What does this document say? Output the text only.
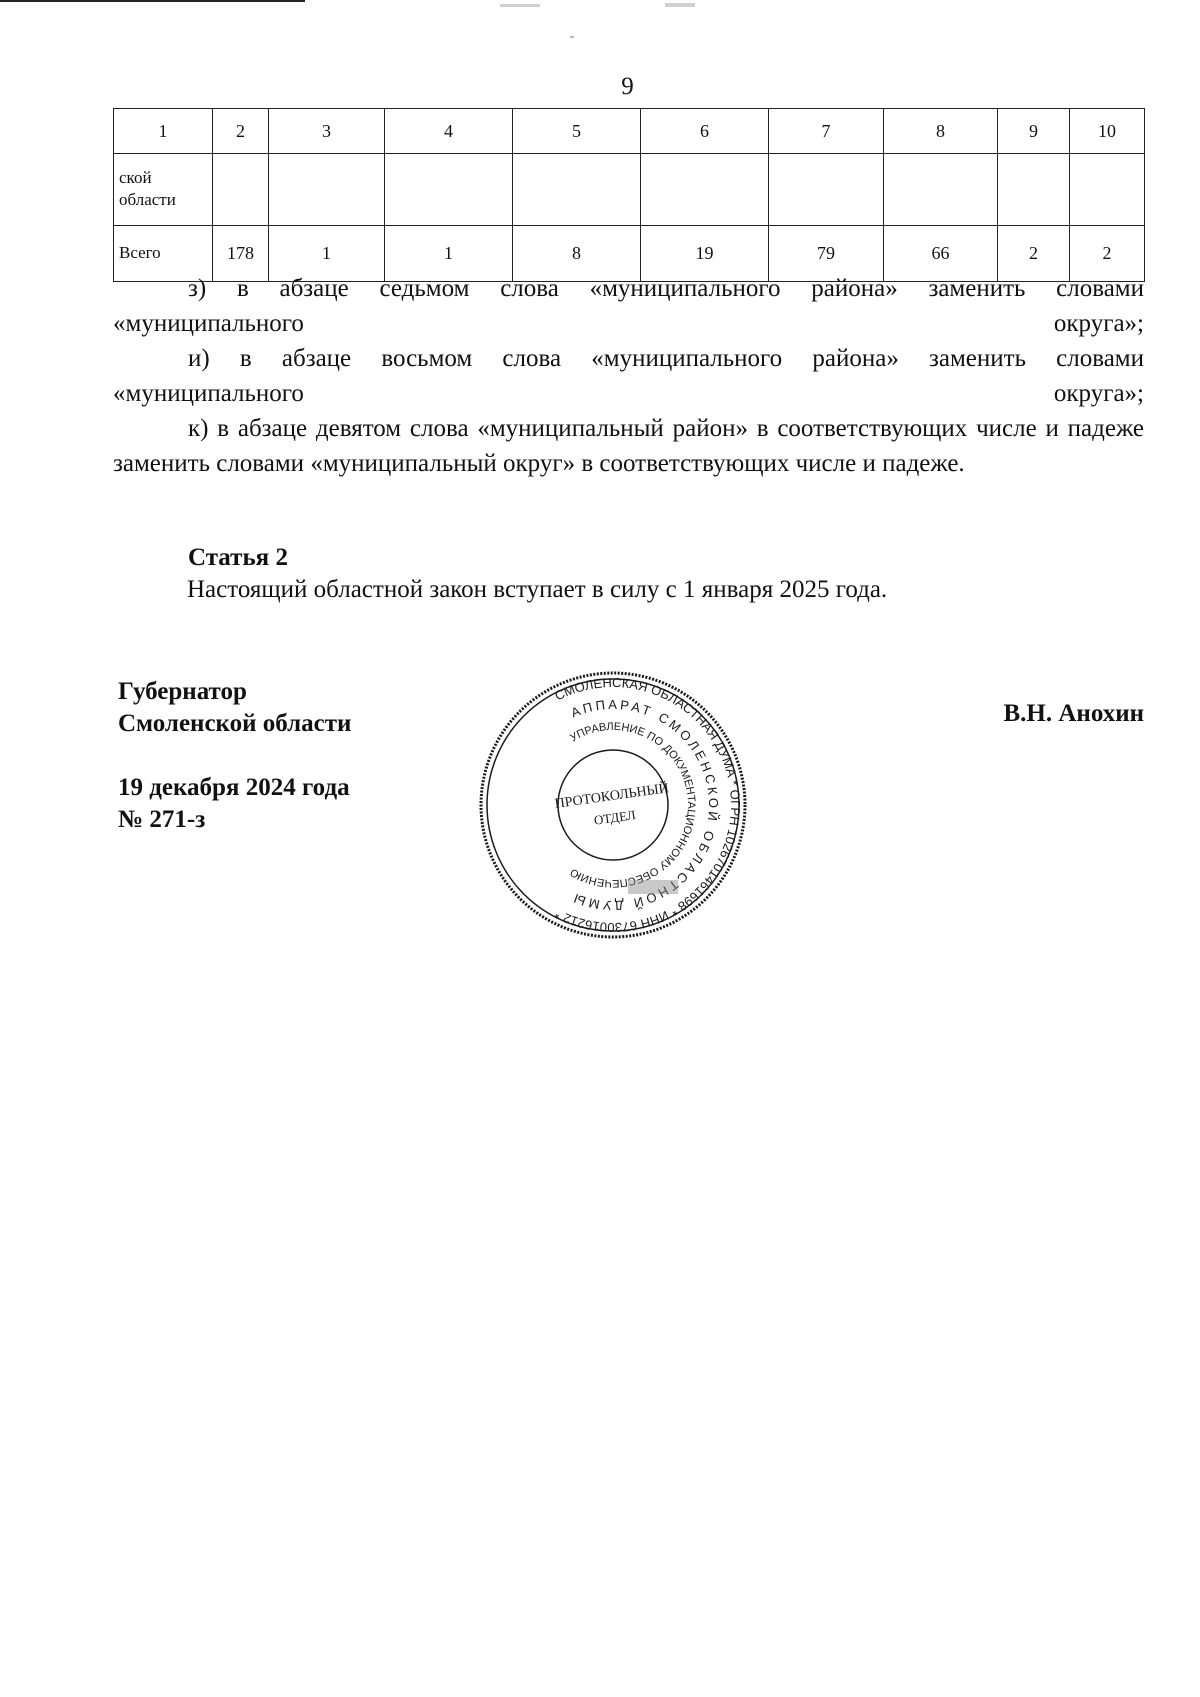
9
1	2	3	4	5	6	7	8	9	10
ской области									
Всего	178	1	1	8	19	79	66	2	2

з) в абзаце седьмом слова «муниципального района» заменить словами «муниципального округа»;

и) в абзаце восьмом слова «муниципального района» заменить словами «муниципального округа»;

к) в абзаце девятом слова «муниципальный район» в соответствующих числе и падеже заменить словами «муниципальный округ» в соответствующих числе и падеже.

Статья 2
Настоящий областной закон вступает в силу с 1 января 2025 года.
Губернатор
Смоленской области
19 декабря 2024 года
№ 271-з
В.Н. Анохин
СМОЛЕНСКАЯ ОБЛАСТНАЯ ДУМА * ОГРН 1026701461698 * ИНН 6730016212 *
АППАРАТ СМОЛЕНСКОЙ ОБЛАСТНОЙ ДУМЫ
УПРАВЛЕНИЕ ПО ДОКУМЕНТАЦИОННОМУ ОБЕСПЕЧЕНИЮ
ПРОТОКОЛЬНЫЙ
ОТДЕЛ
